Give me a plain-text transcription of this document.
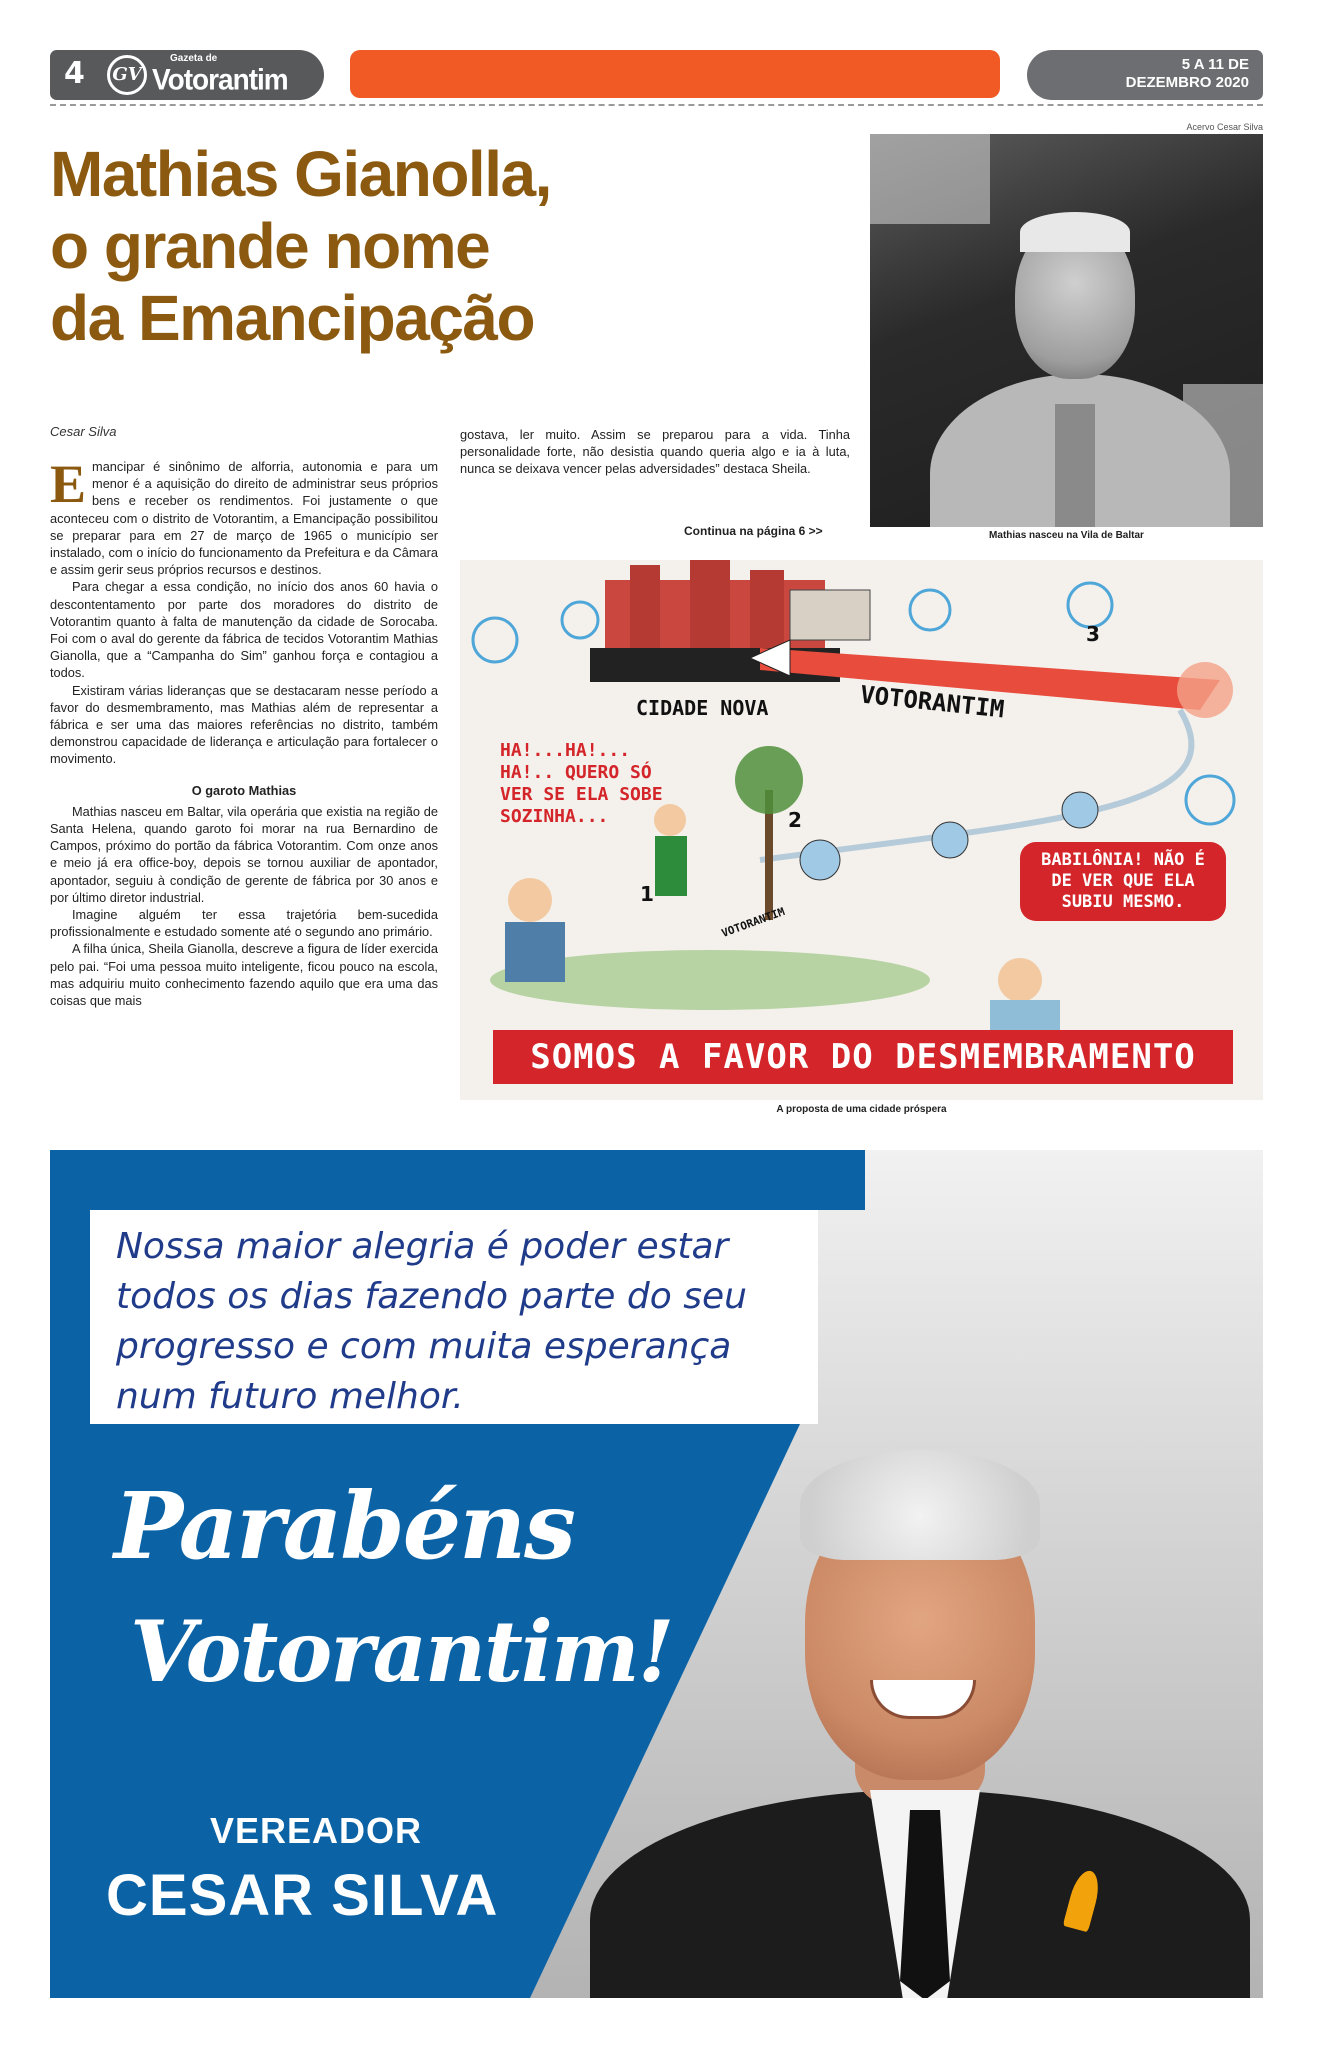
4 GV
Gazeta de
Votorantim	5 A 11 DE
DEZEMBRO 2020
Mathias Gianolla,
o grande nome
da Emancipação
Cesar Silva

Emancipar é sinônimo de alforria, autonomia e para um menor é a aquisição do direito de administrar seus próprios bens e receber os rendimentos. Foi justamente o que aconteceu com o distrito de Votorantim, a Emancipação possibilitou se preparar para em 27 de março de 1965 o município ser instalado, com o início do funcionamento da Prefeitura e da Câmara e assim gerir seus próprios recursos e destinos.

Para chegar a essa condição, no início dos anos 60 havia o descontentamento por parte dos moradores do distrito de Votorantim quanto à falta de manutenção da cidade de Sorocaba. Foi com o aval do gerente da fábrica de tecidos Votorantim Mathias Gianolla, que a “Campanha do Sim” ganhou força e contagiou a todos.

Existiram várias lideranças que se destacaram nesse período a favor do desmembramento, mas Mathias além de representar a fábrica e ser uma das maiores referências no distrito, também demonstrou capacidade de liderança e articulação para fortalecer o movimento.

O garoto Mathias

Mathias nasceu em Baltar, vila operária que existia na região de Santa Helena, quando garoto foi morar na rua Bernardino de Campos, próximo do portão da fábrica Votorantim. Com onze anos e meio já era office-boy, depois se tornou auxiliar de apontador, apontador, seguiu à condição de gerente de fábrica por 30 anos e por último diretor industrial.

Imagine alguém ter essa trajetória bem-sucedida profissionalmente e estudado somente até o segundo ano primário.

A filha única, Sheila Gianolla, descreve a figura de líder exercida pelo pai. “Foi uma pessoa muito inteligente, ficou pouco na escola, mas adquiriu muito conhecimento fazendo aquilo que era uma das coisas que mais

gostava, ler muito. Assim se preparou para a vida. Tinha personalidade forte, não desistia quando queria algo e ia à luta, nunca se deixava vencer pelas adversidades” destaca Sheila.

Continua na página 6 >>
Acervo Cesar Silva
Mathias nasceu na Vila de Baltar
CIDADE NOVA	VOTORANTIM
1
2
3
HA!...HA!... HA!.. QUERO SÓ VER SE ELA SOBE SOZINHA...
BABILÔNIA! NÃO É DE VER QUE ELA SUBIU MESMO.
VOTORANTIM
SOMOS A FAVOR DO DESMEMBRAMENTO
A proposta de uma cidade próspera

Nossa maior alegria é poder estar
todos os dias fazendo parte do seu
progresso e com muita esperança
num futuro melhor.

Parabéns
Votorantim!
VEREADOR
CESAR SILVA
